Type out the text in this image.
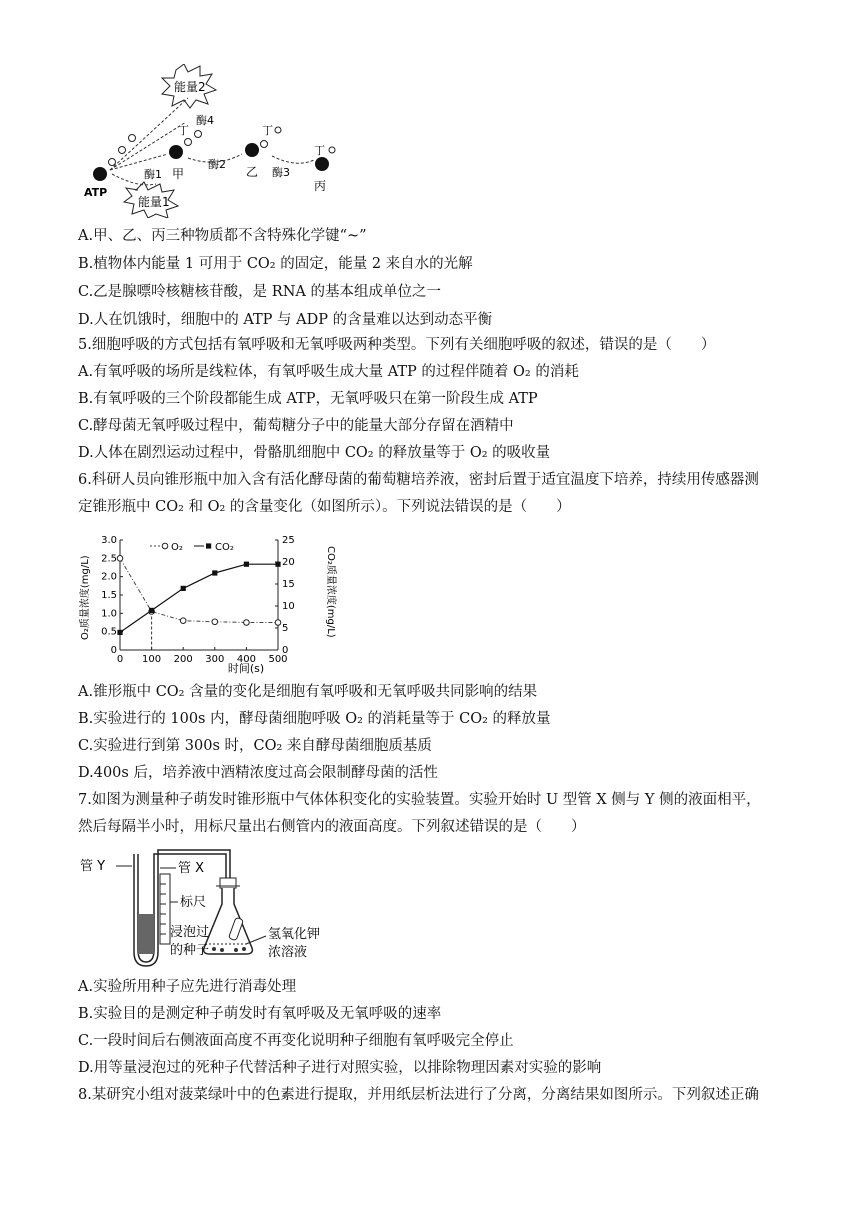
能量2
能量1
ATP
甲
酶4
丁
酶1
酶2
丁
乙 酶3
丁
丙
A.甲、乙、丙三种物质都不含特殊化学键“~”
B.植物体内能量 1 可用于 CO₂ 的固定，能量 2 来自水的光解
C.乙是腺嘌呤核糖核苷酸，是 RNA 的基本组成单位之一
D.人在饥饿时，细胞中的 ATP 与 ADP 的含量难以达到动态平衡
5.细胞呼吸的方式包括有氧呼吸和无氧呼吸两种类型。下列有关细胞呼吸的叙述，错误的是（　　）
A.有氧呼吸的场所是线粒体，有氧呼吸生成大量 ATP 的过程伴随着 O₂ 的消耗
B.有氧呼吸的三个阶段都能生成 ATP，无氧呼吸只在第一阶段生成 ATP
C.酵母菌无氧呼吸过程中，葡萄糖分子中的能量大部分存留在酒精中
D.人体在剧烈运动过程中，骨骼肌细胞中 CO₂ 的释放量等于 O₂ 的吸收量
6.科研人员向锥形瓶中加入含有活化酵母菌的葡萄糖培养液，密封后置于适宜温度下培养，持续用传感器测
定锥形瓶中 CO₂ 和 O₂ 的含量变化（如图所示）。下列说法错误的是（　　）
O₂质量浓度(mg/L)	CO₂质量浓度(mg/L)
时间(s)
0 100 200 300 400 500
0
0.5
1.0
1.5
2.0
2.5
3.0
0
5
10
15
20
25
O₂	CO₂
A.锥形瓶中 CO₂ 含量的变化是细胞有氧呼吸和无氧呼吸共同影响的结果
B.实验进行的 100s 内，酵母菌细胞呼吸 O₂ 的消耗量等于 CO₂ 的释放量
C.实验进行到第 300s 时，CO₂ 来自酵母菌细胞质基质
D.400s 后，培养液中酒精浓度过高会限制酵母菌的活性
7.如图为测量种子萌发时锥形瓶中气体体积变化的实验装置。实验开始时 U 型管 X 侧与 Y 侧的液面相平，
然后每隔半小时，用标尺量出右侧管内的液面高度。下列叙述错误的是（　　）
管 Y	管 X
标尺
浸泡过
的种子
氢氧化钾
浓溶液
A.实验所用种子应先进行消毒处理
B.实验目的是测定种子萌发时有氧呼吸及无氧呼吸的速率
C.一段时间后右侧液面高度不再变化说明种子细胞有氧呼吸完全停止
D.用等量浸泡过的死种子代替活种子进行对照实验，以排除物理因素对实验的影响
8.某研究小组对菠菜绿叶中的色素进行提取，并用纸层析法进行了分离，分离结果如图所示。下列叙述正确
